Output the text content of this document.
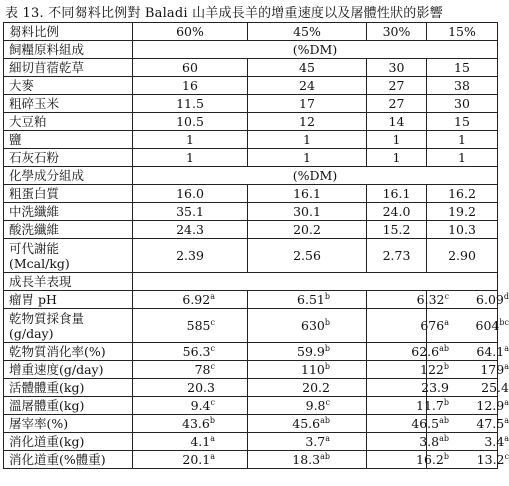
表 13. 不同芻料比例對 Baladi 山羊成長羊的增重速度以及屠體性狀的影響
芻料比例	60%	45%	30%	15%
飼糧原料組成	(%DM)			
細切苜蓿乾草	60	45	30	15
大麥	16	24	27	38
粗碎玉米	11.5	17	27	30
大豆粕	10.5	12	14	15
鹽	1	1	1	1
石灰石粉	1	1	1	1
化學成分組成	(%DM)			
粗蛋白質	16.0	16.1	16.1	16.2
中洗纖維	35.1	30.1	24.0	19.2
酸洗纖維	24.3	20.2	15.2	10.3
可代謝能
(Mcal/kg)	2.39	2.56	2.73	2.90
成長羊表現				
瘤胃 pH	6.92$^a$	6.51$^b$	6.32$^c$	6.09$^d$
乾物質採食量
(g/day)	585$^c$	630$^b$	676$^a$	$604^{bc}$
乾物質消化率(%)	56.3$^c$	59.9$^b$	62.6$^{ab}$	64.1$^a$
增重速度(g/day)	78$^c$	110$^b$	122$^b$	179$^a$
活體體重(kg)	20.3	20.2	23.9	25.4
溫屠體重(kg)	9.4$^c$	9.8$^c$	11.7$^b$	12.9$^a$
屠宰率(%)	43.6$^b$	45.6$^{ab}$	46.5$^{ab}$	47.5$^a$
消化道重(kg)	4.1$^a$	3.7$^a$	3.8$^{ab}$	3.4$^a$
消化道重(%體重)	20.1$^a$	18.3$^{ab}$	16.2$^b$	13.2$^c$
